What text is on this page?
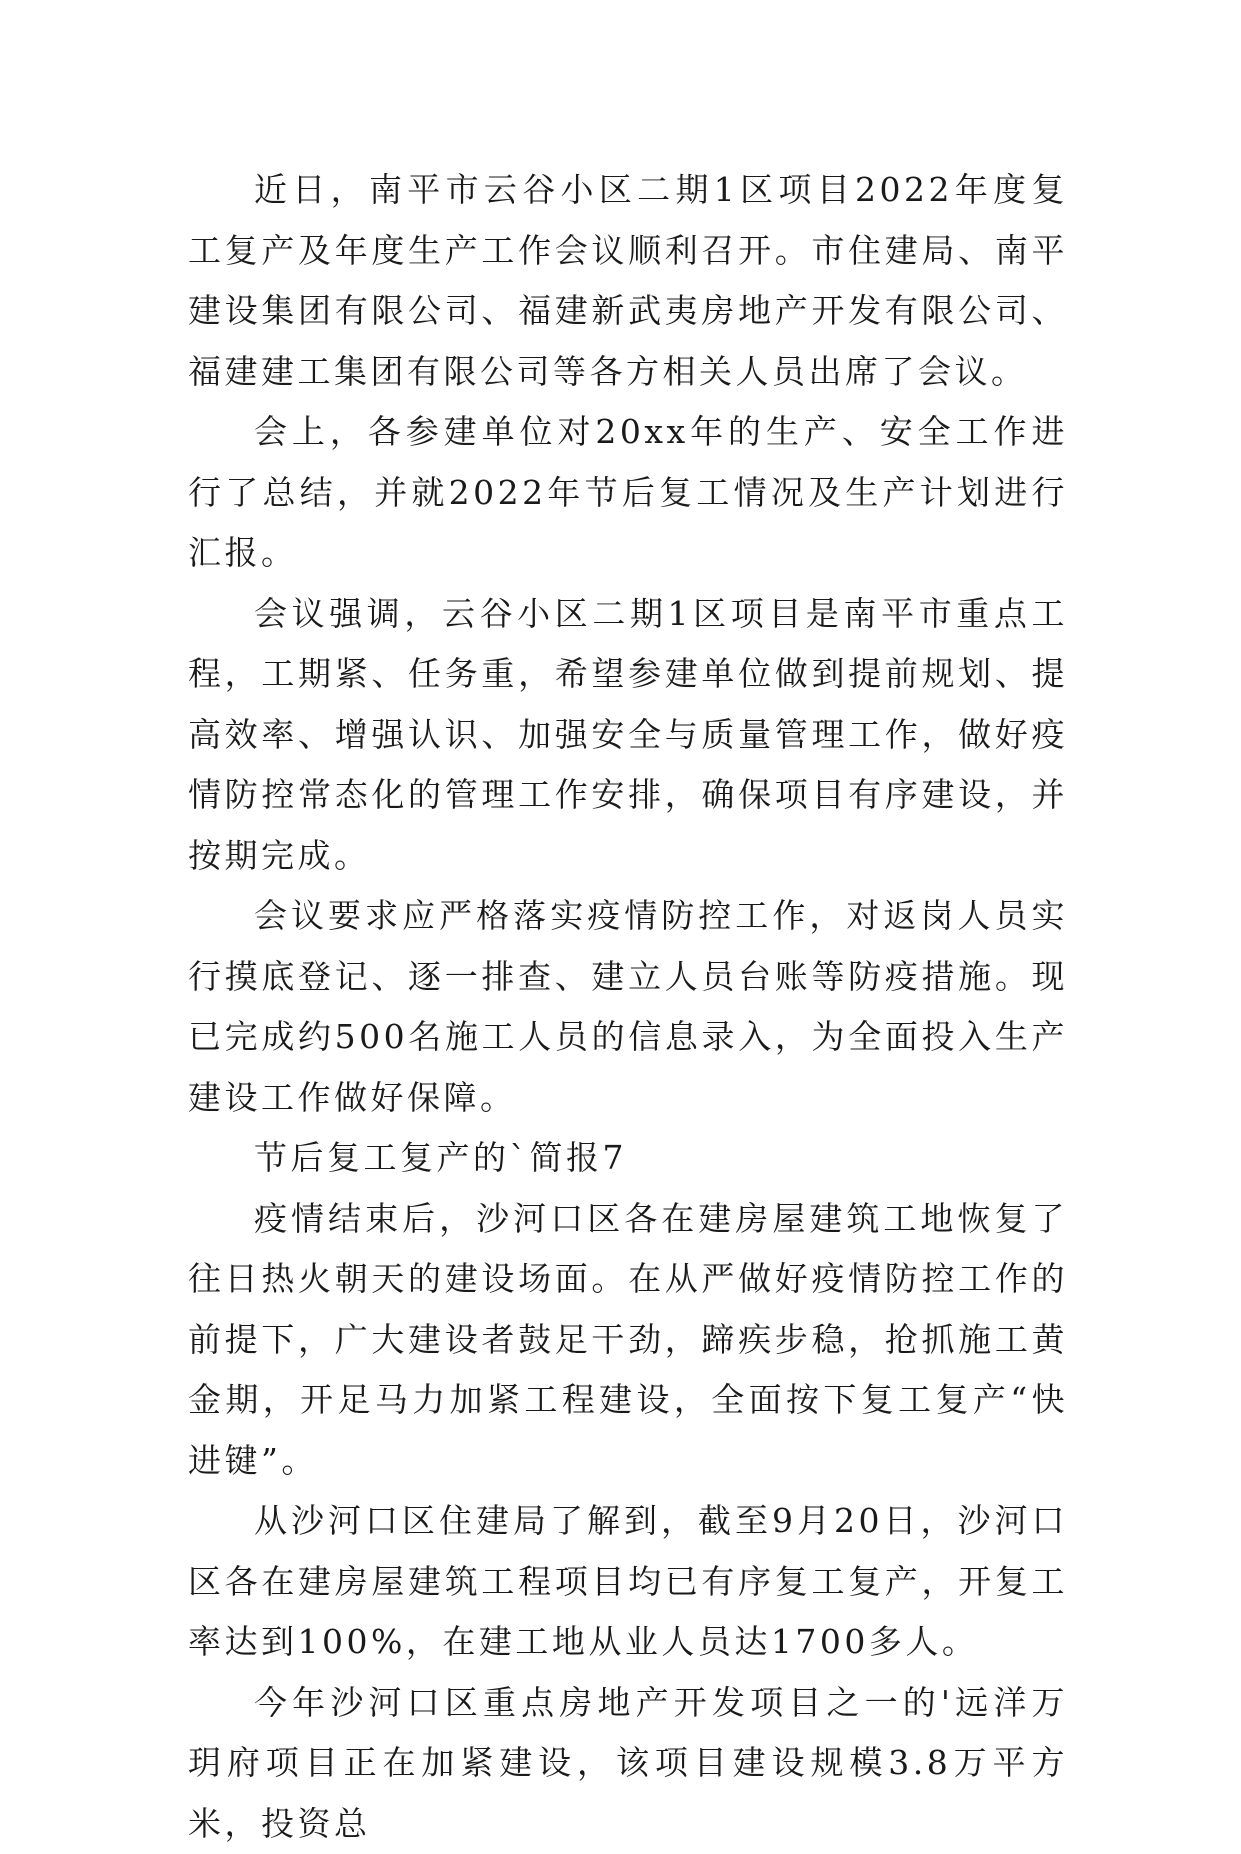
近日，南平市云谷小区二期1区项目2022年度复工复产及年度生产工作会议顺利召开。市住建局、南平建设集团有限公司、福建新武夷房地产开发有限公司、福建建工集团有限公司等各方相关人员出席了会议。

会上，各参建单位对20xx年的生产、安全工作进行了总结，并就2022年节后复工情况及生产计划进行汇报。

会议强调，云谷小区二期1区项目是南平市重点工程，工期紧、任务重，希望参建单位做到提前规划、提高效率、增强认识、加强安全与质量管理工作，做好疫情防控常态化的管理工作安排，确保项目有序建设，并按期完成。

会议要求应严格落实疫情防控工作，对返岗人员实行摸底登记、逐一排查、建立人员台账等防疫措施。现已完成约500名施工人员的信息录入，为全面投入生产建设工作做好保障。

节后复工复产的`简报7

疫情结束后，沙河口区各在建房屋建筑工地恢复了往日热火朝天的建设场面。在从严做好疫情防控工作的前提下，广大建设者鼓足干劲，蹄疾步稳，抢抓施工黄金期，开足马力加紧工程建设，全面按下复工复产“快进键”。

从沙河口区住建局了解到，截至9月20日，沙河口区各在建房屋建筑工程项目均已有序复工复产，开复工率达到100%，在建工地从业人员达1700多人。

今年沙河口区重点房地产开发项目之一的'远洋万玥府项目正在加紧建设，该项目建设规模3.8万平方米，投资总
